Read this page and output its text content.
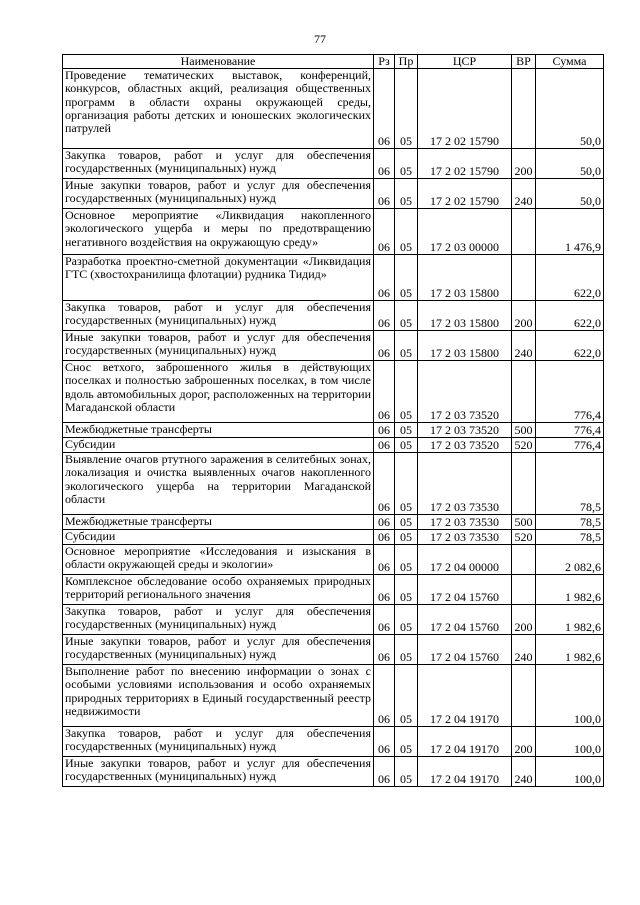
77
Наименование	Рз	Пр	ЦСР	ВР	Сумма
Проведение тематических выставок, конференций, конкурсов, областных акций, реализация общественных программ в области охраны окружающей среды, организация работы детских и юношеских экологических патрулей	06	05	17 2 02 15790		50,0
Закупка товаров, работ и услуг для обеспечения государственных (муниципальных) нужд	06	05	17 2 02 15790	200	50,0
Иные закупки товаров, работ и услуг для обеспечения государственных (муниципальных) нужд	06	05	17 2 02 15790	240	50,0
Основное мероприятие «Ликвидация накопленного экологического ущерба и меры по предотвращению негативного воздействия на окружающую среду»	06	05	17 2 03 00000		1 476,9
Разработка проектно-сметной документации «Ликвидация ГТС (хвостохранилища флотации) рудника Тидид»	06	05	17 2 03 15800		622,0
Закупка товаров, работ и услуг для обеспечения государственных (муниципальных) нужд	06	05	17 2 03 15800	200	622,0
Иные закупки товаров, работ и услуг для обеспечения государственных (муниципальных) нужд	06	05	17 2 03 15800	240	622,0
Снос ветхого, заброшенного жилья в действующих поселках и полностью заброшенных поселках, в том числе вдоль автомобильных дорог, расположенных на территории Магаданской области	06	05	17 2 03 73520		776,4
Межбюджетные трансферты	06	05	17 2 03 73520	500	776,4
Субсидии	06	05	17 2 03 73520	520	776,4
Выявление очагов ртутного заражения в селитебных зонах, локализация и очистка выявленных очагов накопленного экологического ущерба на территории Магаданской области	06	05	17 2 03 73530		78,5
Межбюджетные трансферты	06	05	17 2 03 73530	500	78,5
Субсидии	06	05	17 2 03 73530	520	78,5
Основное мероприятие «Исследования и изыскания в области окружающей среды и экологии»	06	05	17 2 04 00000		2 082,6
Комплексное обследование особо охраняемых природных территорий регионального значения	06	05	17 2 04 15760		1 982,6
Закупка товаров, работ и услуг для обеспечения государственных (муниципальных) нужд	06	05	17 2 04 15760	200	1 982,6
Иные закупки товаров, работ и услуг для обеспечения государственных (муниципальных) нужд	06	05	17 2 04 15760	240	1 982,6
Выполнение работ по внесению информации о зонах с особыми условиями использования и особо охраняемых природных территориях в Единый государственный реестр недвижимости	06	05	17 2 04 19170		100,0
Закупка товаров, работ и услуг для обеспечения государственных (муниципальных) нужд	06	05	17 2 04 19170	200	100,0
Иные закупки товаров, работ и услуг для обеспечения государственных (муниципальных) нужд	06	05	17 2 04 19170	240	100,0
